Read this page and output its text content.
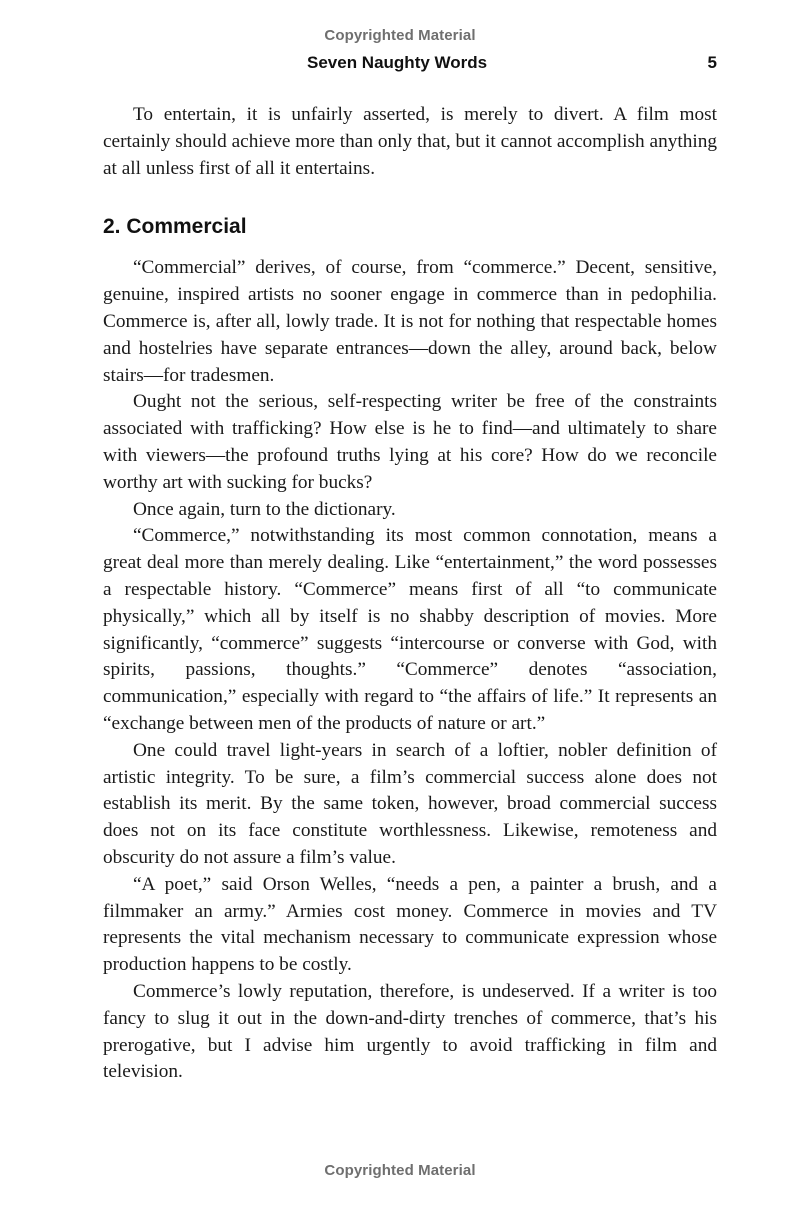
Copyrighted Material
Seven Naughty Words	5

To entertain, it is unfairly asserted, is merely to divert. A film most certainly should achieve more than only that, but it cannot accomplish anything at all unless first of all it entertains.

2. Commercial

“Commercial” derives, of course, from “commerce.” Decent, sensitive, genuine, inspired artists no sooner engage in commerce than in pedophilia. Commerce is, after all, lowly trade. It is not for nothing that respectable homes and hostelries have separate entrances—down the alley, around back, below stairs—for tradesmen.

Ought not the serious, self-respecting writer be free of the constraints associated with trafficking? How else is he to find—and ultimately to share with viewers—the profound truths lying at his core? How do we reconcile worthy art with sucking for bucks?

Once again, turn to the dictionary.

“Commerce,” notwithstanding its most common connotation, means a great deal more than merely dealing. Like “entertainment,” the word possesses a respectable history. “Commerce” means first of all “to communicate physically,” which all by itself is no shabby description of movies. More significantly, “commerce” suggests “intercourse or converse with God, with spirits, passions, thoughts.” “Commerce” denotes “association, communication,” especially with regard to “the affairs of life.” It represents an “exchange between men of the products of nature or art.”

One could travel light-years in search of a loftier, nobler definition of artistic integrity. To be sure, a film’s commercial success alone does not establish its merit. By the same token, however, broad commercial success does not on its face constitute worthlessness. Likewise, remoteness and obscurity do not assure a film’s value.

“A poet,” said Orson Welles, “needs a pen, a painter a brush, and a filmmaker an army.” Armies cost money. Commerce in movies and TV represents the vital mechanism necessary to communicate expression whose production happens to be costly.

Commerce’s lowly reputation, therefore, is undeserved. If a writer is too fancy to slug it out in the down-and-dirty trenches of commerce, that’s his prerogative, but I advise him urgently to avoid trafficking in film and television.

Copyrighted Material
